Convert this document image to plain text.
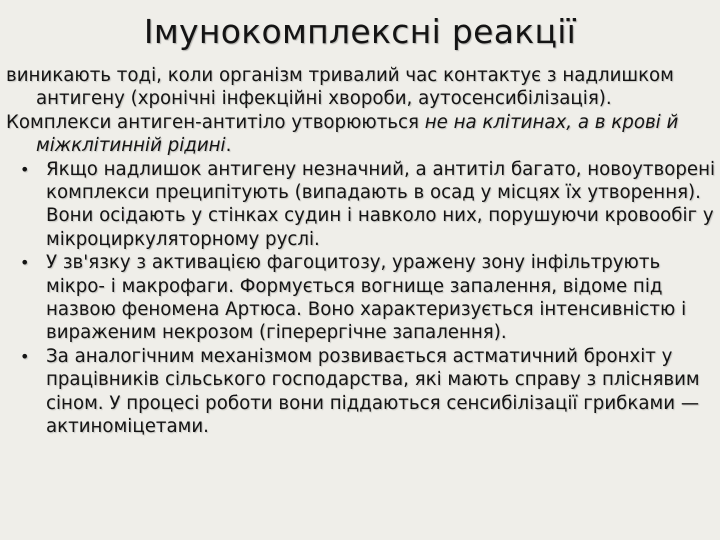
Імунокомплексні реакції

виникають тоді, коли організм тривалий час контактує з надлишком антигену (хронічні інфекційні хвороби, аутосенсибілізація).

Комплекси антиген-антитіло утворюються не на клітинах, а в крові й міжклітинній рідині.

• Якщо надлишок антигену незначний, а антитіл багато, новоутворені комплекси преципітують (випадають в осад у місцях їх утворення). Вони осідають у стінках судин і навколо них, порушуючи кровообіг у мікроциркуляторному руслі.

• У зв'язку з активацією фагоцитозу, уражену зону інфільтрують мікро- і макрофаги. Формується вогнище запалення, відоме під назвою феномена Артюса. Воно характеризується інтенсивністю і вираженим некрозом (гіперергічне запалення).

• За аналогічним механізмом розвивається астматичний бронхіт у працівників сільського господарства, які мають справу з пліснявим сіном. У процесі роботи вони піддаються сенсибілізації грибками — актиноміцетами.
